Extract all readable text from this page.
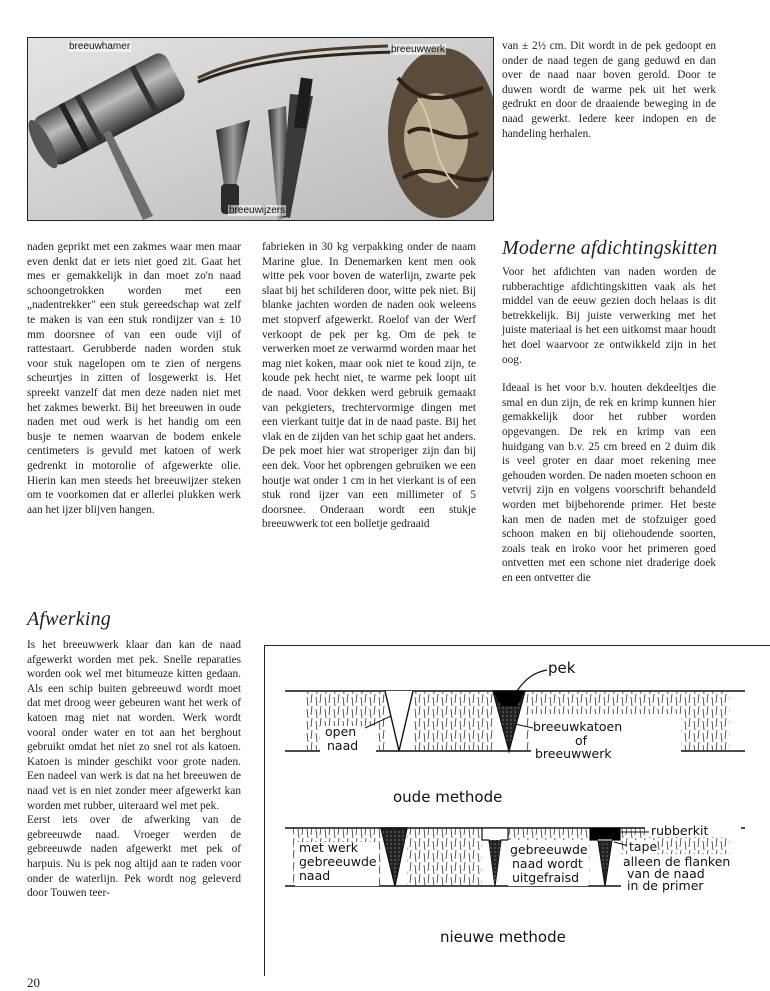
breeuwhamer	breeuwwerk
breeuwijzers

van ± 2½ cm. Dit wordt in de pek gedoopt en onder de naad tegen de gang geduwd en dan over de naad naar boven gerold. Door te duwen wordt de warme pek uit het werk gedrukt en door de draaiende beweging in de naad gewerkt. Iedere keer indopen en de handeling herhalen.

Moderne afdichtingskitten

Voor het afdichten van naden worden de rubberachtige afdichtingskitten vaak als het middel van de eeuw gezien doch helaas is dit betrekkelijk. Bij juiste verwerking met het juiste materiaal is het een uitkomst maar houdt het doel waarvoor ze ontwikkeld zijn in het oog.

Ideaal is het voor b.v. houten dekdeeltjes die smal en dun zijn, de rek en krimp kunnen hier gemakkelijk door het rubber worden opgevangen. De rek en krimp van een huidgang van b.v. 25 cm breed en 2 duim dik is veel groter en daar moet rekening mee gehouden worden. De naden moeten schoon en vetvrij zijn en volgens voorschrift behandeld worden met bijbehorende primer. Het beste kan men de naden met de stofzuiger goed schoon maken en bij oliehoudende soorten, zoals teak en iroko voor het primeren goed ontvetten met een schone niet draderige doek en een ontvetter die

naden geprikt met een zakmes waar men maar even denkt dat er iets niet goed zit. Gaat het mes er gemakkelijk in dan moet zo'n naad schoongetrokken worden met een „nadentrekker" een stuk gereedschap wat zelf te maken is van een stuk rondijzer van ± 10 mm doorsnee of van een oude vijl of rattestaart. Gerubberde naden worden stuk voor stuk nagelopen om te zien of nergens scheurtjes in zitten of losgewerkt is. Het spreekt vanzelf dat men deze naden niet met het zakmes bewerkt. Bij het breeuwen in oude naden met oud werk is het handig om een busje te nemen waarvan de bodem enkele centimeters is gevuld met katoen of werk gedrenkt in motorolie of afgewerkte olie. Hierin kan men steeds het breeuwijzer steken om te voorkomen dat er allerlei plukken werk aan het ijzer blijven hangen.

Afwerking

Is het breeuwwerk klaar dan kan de naad afgewerkt worden met pek. Snelle reparaties worden ook wel met bitumeuze kitten gedaan. Als een schip buiten gebreeuwd wordt moet dat met droog weer gebeuren want het werk of katoen mag niet nat worden. Werk wordt vooral onder water en tot aan het berghout gebruikt omdat het niet zo snel rot als katoen. Katoen is minder geschikt voor grote naden. Een nadeel van werk is dat na het breeuwen de naad vet is en niet zonder meer afgewerkt kan worden met rubber, uiteraard wel met pek.

Eerst iets over de afwerking van de gebreeuwde naad. Vroeger werden de gebreeuwde naden afgewerkt met pek of harpuis. Nu is pek nog altijd aan te raden voor onder de waterlijn. Pek wordt nog geleverd door Touwen teer-

fabrieken in 30 kg verpakking onder de naam Marine glue. In Denemarken kent men ook witte pek voor boven de waterlijn, zwarte pek slaat bij het schilderen door, witte pek niet. Bij blanke jachten worden de naden ook weleens met stopverf afgewerkt. Roelof van der Werf verkoopt de pek per kg. Om de pek te verwerken moet ze verwarmd worden maar het mag niet koken, maar ook niet te koud zijn, te koude pek hecht niet, te warme pek loopt uit de naad. Voor dekken werd gebruik gemaakt van pekgieters, trechtervormige dingen met een vierkant tuitje dat in de naad paste. Bij het vlak en de zijden van het schip gaat het anders. De pek moet hier wat stroperiger zijn dan bij een dek. Voor het opbrengen gebruiken we een houtje wat onder 1 cm in het vierkant is of een stuk rond ijzer van een millimeter of 5 doorsnee. Onderaan wordt een stukje breeuwwerk tot een bolletje gedraaid

pek
open
naad
breeuwkatoen
of
breeuwwerk
oude methode
met werk
gebreeuwde
naad
gebreeuwde
naad wordt
uitgefraisd
rubberkit
tape
alleen de flanken
van de naad
in de primer
nieuwe methode
20
